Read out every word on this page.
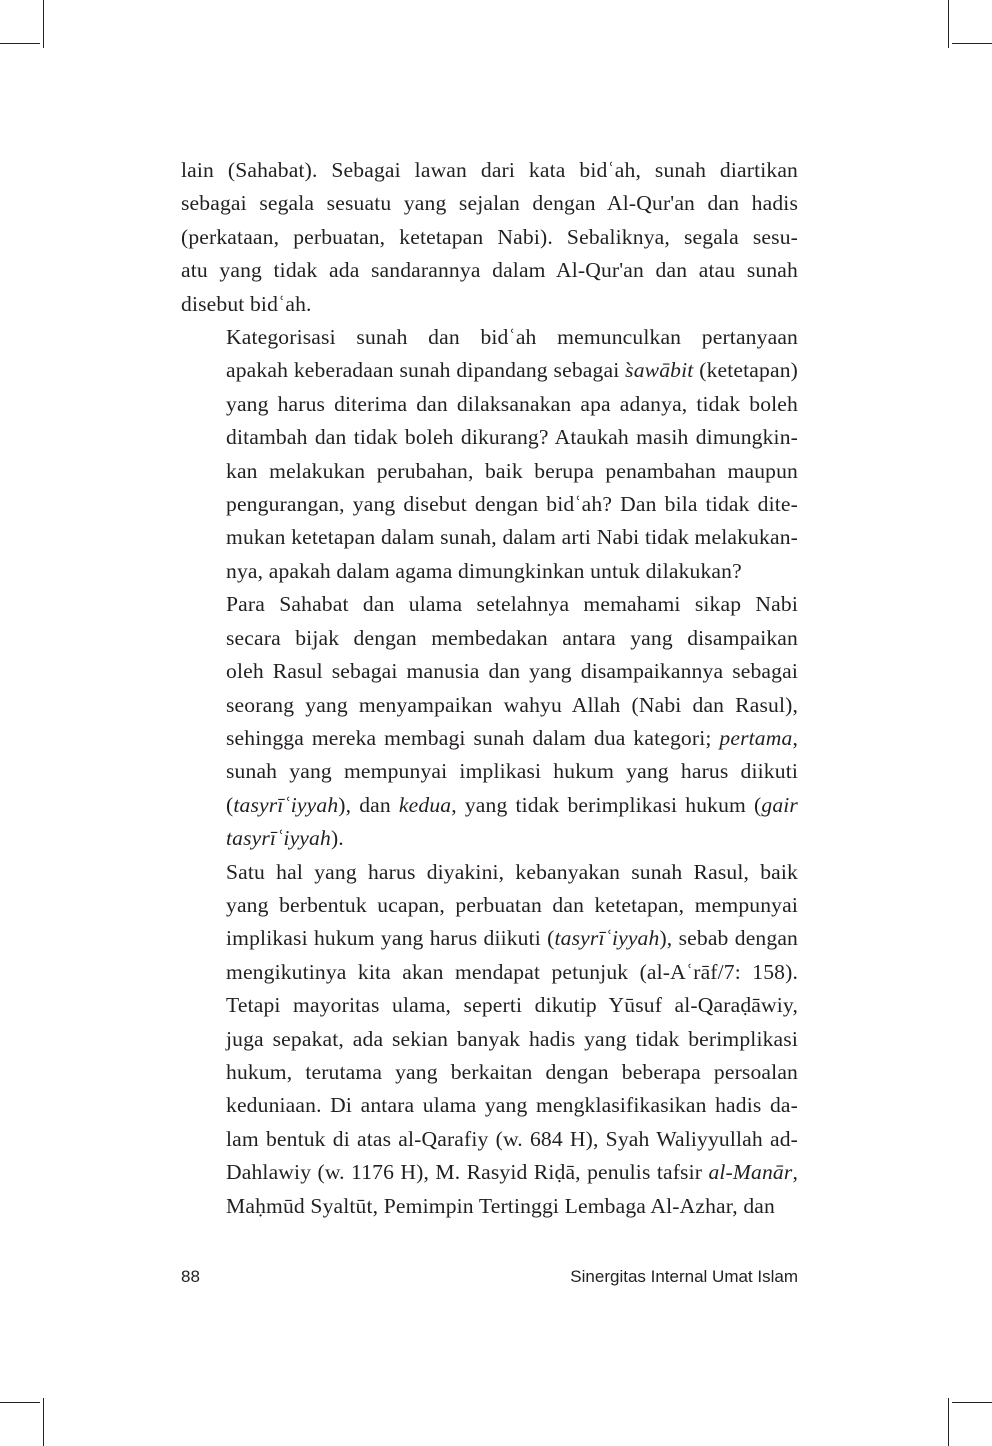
lain (Sahabat). Sebagai lawan dari kata bidʿah, sunah diartikan
sebagai segala sesuatu yang sejalan dengan Al-Qur'an dan hadis
(perkataan, perbuatan, ketetapan Nabi). Sebaliknya, segala sesu-
atu yang tidak ada sandarannya dalam Al-Qur'an dan atau sunah
disebut bidʿah.

Kategorisasi sunah dan bidʿah memunculkan pertanyaan
apakah keberadaan sunah dipandang sebagai s̀awābit (ketetapan)
yang harus diterima dan dilaksanakan apa adanya, tidak boleh
ditambah dan tidak boleh dikurang? Ataukah masih dimungkin-
kan melakukan perubahan, baik berupa penambahan maupun
pengurangan, yang disebut dengan bidʿah? Dan bila tidak dite-
mukan ketetapan dalam sunah, dalam arti Nabi tidak melakukan-
nya, apakah dalam agama dimungkinkan untuk dilakukan?

Para Sahabat dan ulama setelahnya memahami sikap Nabi
secara bijak dengan membedakan antara yang disampaikan
oleh Rasul sebagai manusia dan yang disampaikannya sebagai
seorang yang menyampaikan wahyu Allah (Nabi dan Rasul),
sehingga mereka membagi sunah dalam dua kategori; pertama,
sunah yang mempunyai implikasi hukum yang harus diikuti
(tasyrīʿiyyah), dan kedua, yang tidak berimplikasi hukum (gair
tasyrīʿiyyah).

Satu hal yang harus diyakini, kebanyakan sunah Rasul, baik
yang berbentuk ucapan, perbuatan dan ketetapan, mempunyai
implikasi hukum yang harus diikuti (tasyrīʿiyyah), sebab dengan
mengikutinya kita akan mendapat petunjuk (al-Aʿrāf/7: 158).
Tetapi mayoritas ulama, seperti dikutip Yūsuf al-Qaraḍāwiy,
juga sepakat, ada sekian banyak hadis yang tidak berimplikasi
hukum, terutama yang berkaitan dengan beberapa persoalan
keduniaan. Di antara ulama yang mengklasifikasikan hadis da-
lam bentuk di atas al-Qarafiy (w. 684 H), Syah Waliyyullah ad-
Dahlawiy (w. 1176 H), M. Rasyid Riḍā, penulis tafsir al-Manār,
Maḥmūd Syaltūt, Pemimpin Tertinggi Lembaga Al-Azhar, dan

88	Sinergitas Internal Umat Islam
